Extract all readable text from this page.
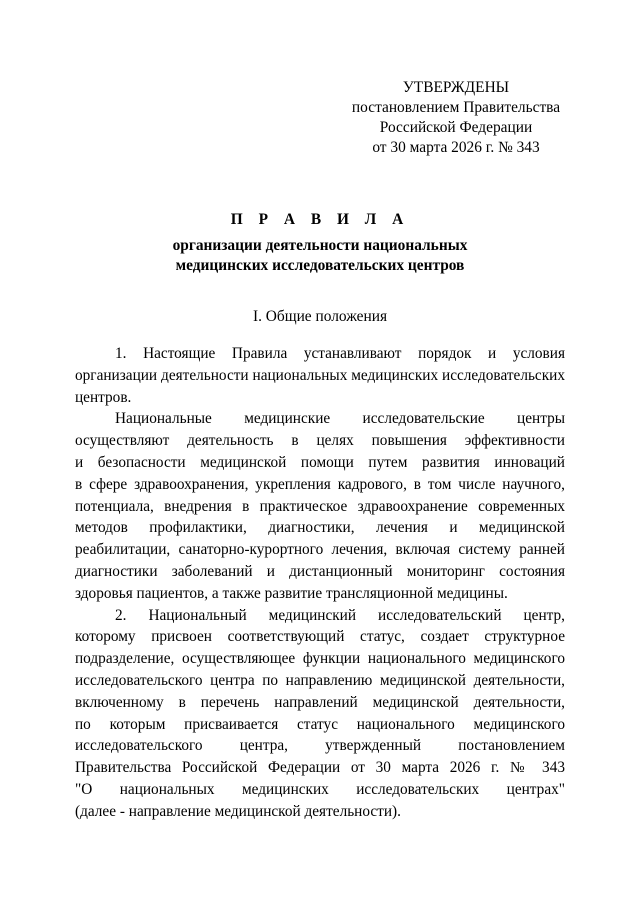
УТВЕРЖДЕНЫ
постановлением Правительства
Российской Федерации
от 30 марта 2026 г. № 343
П Р А В И Л А
организации деятельности национальных
медицинских исследовательских центров
I. Общие положения
1. Настоящие Правила устанавливают порядок и условия
организации деятельности национальных медицинских исследовательских
центров.
Национальные медицинские исследовательские центры
осуществляют деятельность в целях повышения эффективности
и безопасности медицинской помощи путем развития инноваций
в сфере здравоохранения, укрепления кадрового, в том числе научного,
потенциала, внедрения в практическое здравоохранение современных
методов профилактики, диагностики, лечения и медицинской
реабилитации, санаторно-курортного лечения, включая систему ранней
диагностики заболеваний и дистанционный мониторинг состояния
здоровья пациентов, а также развитие трансляционной медицины.
2. Национальный медицинский исследовательский центр,
которому присвоен соответствующий статус, создает структурное
подразделение, осуществляющее функции национального медицинского
исследовательского центра по направлению медицинской деятельности,
включенному в перечень направлений медицинской деятельности,
по которым присваивается статус национального медицинского
исследовательского центра, утвержденный постановлением
Правительства Российской Федерации от 30 марта 2026 г. № 343
"О национальных медицинских исследовательских центрах"
(далее - направление медицинской деятельности).
